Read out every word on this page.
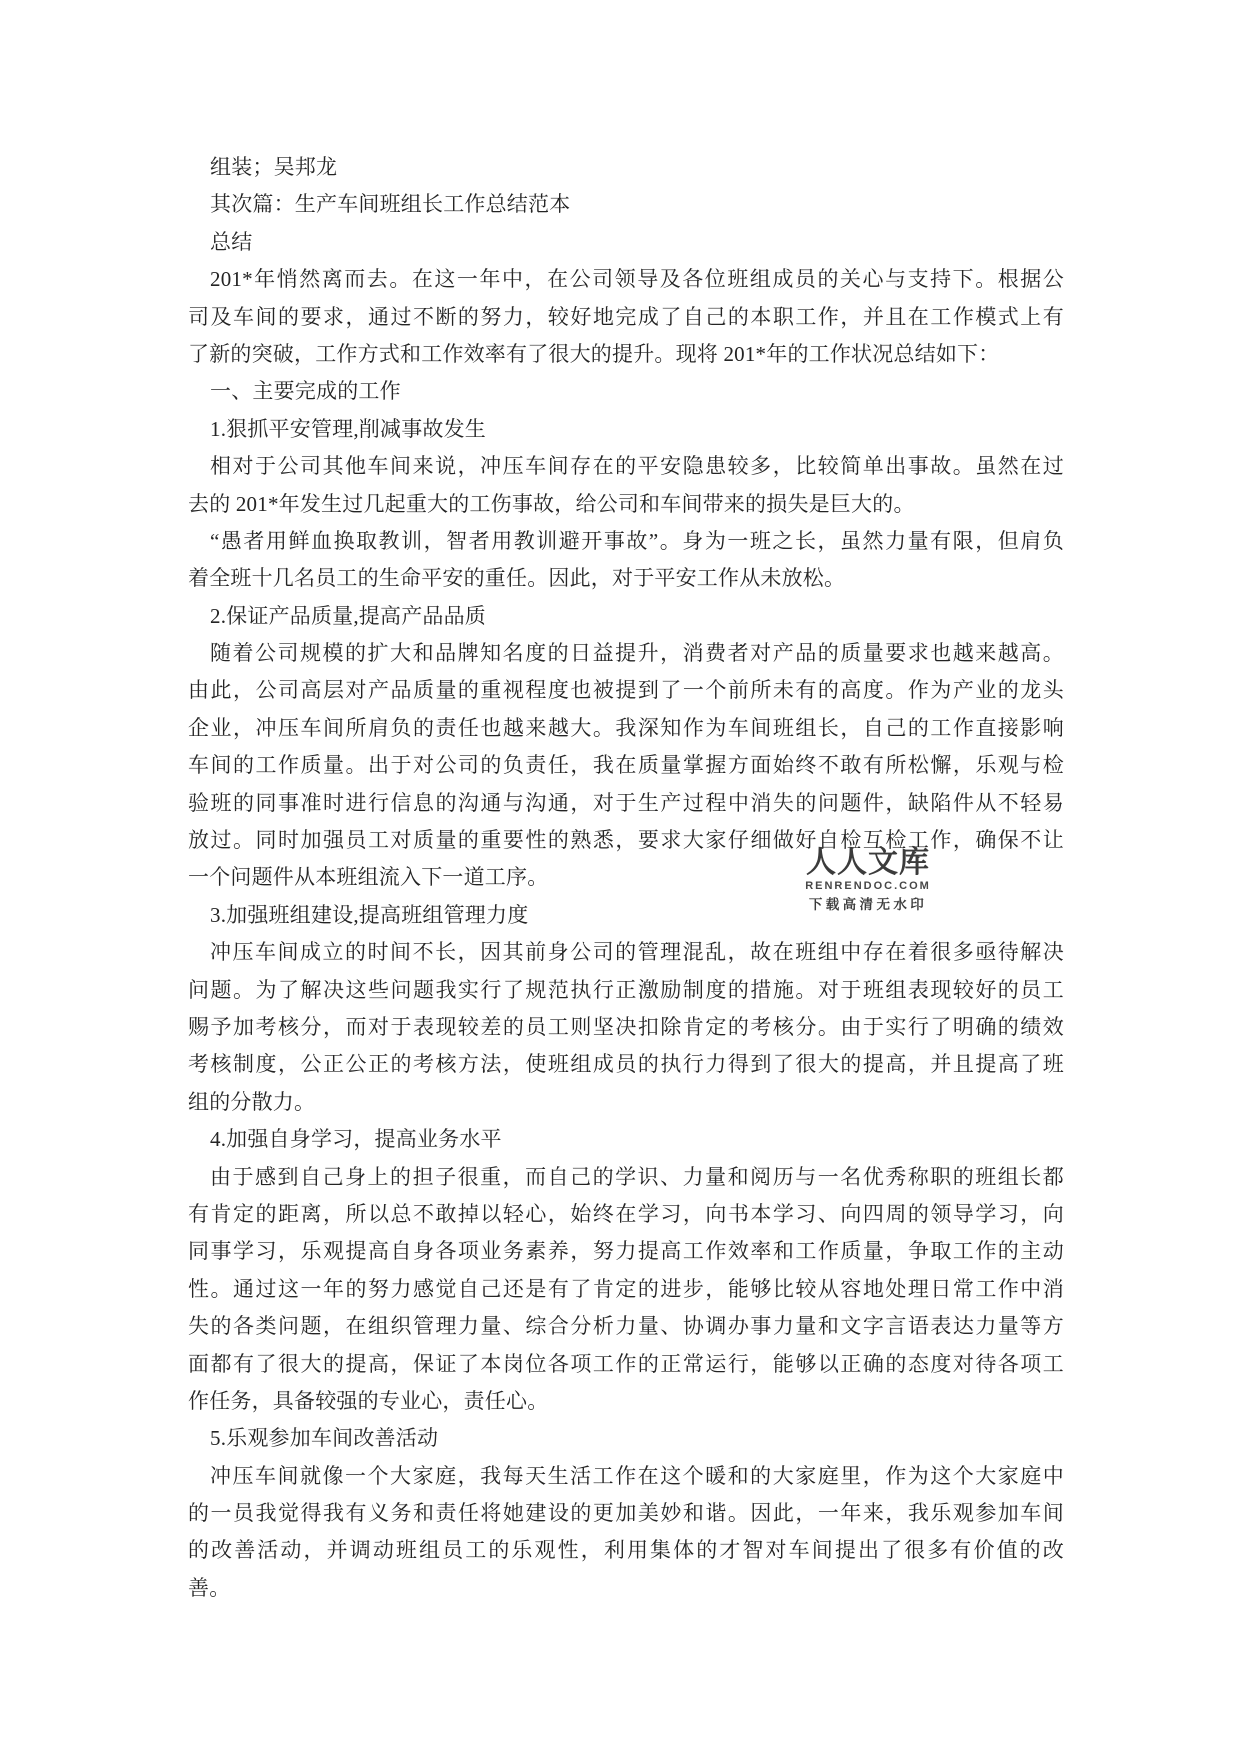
组装；吴邦龙
其次篇：生产车间班组长工作总结范本
总结
201*年悄然离而去。在这一年中，在公司领导及各位班组成员的关心与支持下。根据公
司及车间的要求，通过不断的努力，较好地完成了自己的本职工作，并且在工作模式上有
了新的突破，工作方式和工作效率有了很大的提升。现将 201*年的工作状况总结如下：
一、主要完成的工作
1.狠抓平安管理,削减事故发生
相对于公司其他车间来说，冲压车间存在的平安隐患较多，比较简单出事故。虽然在过
去的 201*年发生过几起重大的工伤事故，给公司和车间带来的损失是巨大的。
“愚者用鲜血换取教训，智者用教训避开事故”。身为一班之长，虽然力量有限，但肩负
着全班十几名员工的生命平安的重任。因此，对于平安工作从未放松。
2.保证产品质量,提高产品品质
随着公司规模的扩大和品牌知名度的日益提升，消费者对产品的质量要求也越来越高。
由此，公司高层对产品质量的重视程度也被提到了一个前所未有的高度。作为产业的龙头
企业，冲压车间所肩负的责任也越来越大。我深知作为车间班组长，自己的工作直接影响
车间的工作质量。出于对公司的负责任，我在质量掌握方面始终不敢有所松懈，乐观与检
验班的同事准时进行信息的沟通与沟通，对于生产过程中消失的问题件，缺陷件从不轻易
放过。同时加强员工对质量的重要性的熟悉，要求大家仔细做好自检互检工作，确保不让
一个问题件从本班组流入下一道工序。
3.加强班组建设,提高班组管理力度
冲压车间成立的时间不长，因其前身公司的管理混乱，故在班组中存在着很多亟待解决
问题。为了解决这些问题我实行了规范执行正激励制度的措施。对于班组表现较好的员工
赐予加考核分，而对于表现较差的员工则坚决扣除肯定的考核分。由于实行了明确的绩效
考核制度，公正公正的考核方法，使班组成员的执行力得到了很大的提高，并且提高了班
组的分散力。
4.加强自身学习，提高业务水平
由于感到自己身上的担子很重，而自己的学识、力量和阅历与一名优秀称职的班组长都
有肯定的距离，所以总不敢掉以轻心，始终在学习，向书本学习、向四周的领导学习，向
同事学习，乐观提高自身各项业务素养，努力提高工作效率和工作质量，争取工作的主动
性。通过这一年的努力感觉自己还是有了肯定的进步，能够比较从容地处理日常工作中消
失的各类问题，在组织管理力量、综合分析力量、协调办事力量和文字言语表达力量等方
面都有了很大的提高，保证了本岗位各项工作的正常运行，能够以正确的态度对待各项工
作任务，具备较强的专业心，责任心。
5.乐观参加车间改善活动
冲压车间就像一个大家庭，我每天生活工作在这个暖和的大家庭里，作为这个大家庭中
的一员我觉得我有义务和责任将她建设的更加美妙和谐。因此，一年来，我乐观参加车间
的改善活动，并调动班组员工的乐观性，利用集体的才智对车间提出了很多有价值的改
善。
人人文库
RENRENDOC.COM
下载高清无水印
